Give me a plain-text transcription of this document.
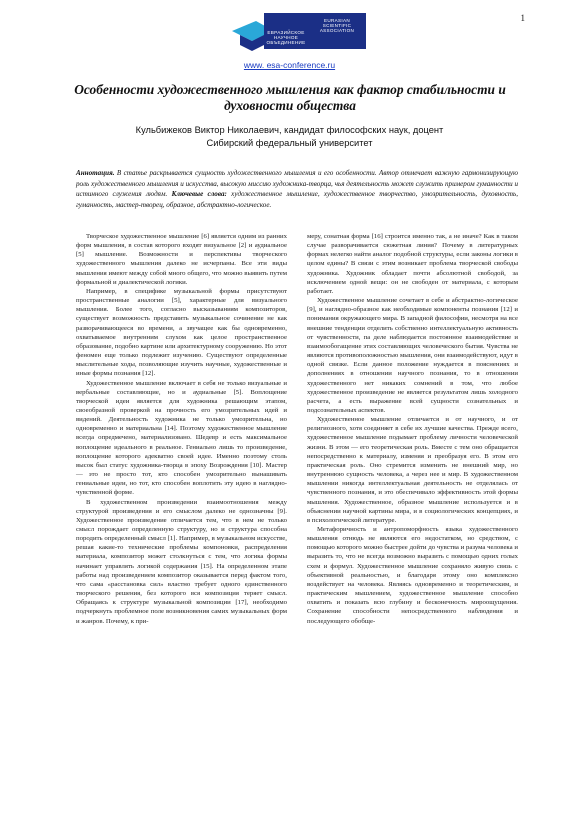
1
ЕВРАЗИЙСКОЕ НАУЧНОЕ ОБЪЕДИНЕНИЕ
EURASIAN SCIENTIFIC ASSOCIATION
www. esa-conference.ru
Особенности художественного мышления как фактор стабильности и духовности общества
Кульбижеков Виктор Николаевич, кандидат философских наук, доцент
Сибирский федеральный университет
Аннотация. В статье раскрывается сущность художественного мышления и его особенности. Автор отмечает важную гармонизирующую роль художественного мышления и искусства, высокую миссию художника-творца, чья деятельность может служить примером гуманности и истинного служения людям. Ключевые слова: художественное мышление, художественное творчество, умозрительность, духовность, гуманность, мастер-творец, образное, абстрактно-логическое.

Творческое художественное мышление [6] является одним из ранних форм мышления, в состав которого входят визуальное [2] и аудиальное [5] мышление. Возможности и перспективы творческого художественного мышления далеко не исчерпаны. Все эти виды мышления имеют между собой много общего, что можно выявить путем формальной и диалектической логики.

Например, в специфике музыкальной формы присутствуют пространственные аналогии [5], характерные для визуального мышления. Более того, согласно высказываниям композиторов, существует возможность представить музыкальное сочинение не как разворачивающееся во времени, а звучащее как бы одновременно, охватываемое внутренним слухом как целое пространственное образование, подобно картине или архитектурному сооружению. Но этот феномен еще только подлежит изучению. Существуют определенные мыслительные ходы, позволяющие изучить научные, художественные и иные формы познания [12].

Художественное мышление включает в себя не только визуальные и вербальные составляющие, но и аудиальные [5]. Воплощение творческой идеи является для художника решающим этапом, своеобразной проверкой на прочность его умозрительных идей и видений. Деятельность художника не только умозрительна, но одновременно и материальна [14]. Поэтому художественное мышление всегда опредмечено, материализовано. Шедевр и есть максимальное воплощение идеального в реальное. Гениально лишь то произведение, воплощение которого адекватно своей идее. Именно поэтому столь высок был статус художника-творца в эпоху Возрождения [10]. Мастер — это не просто тот, кто способен умозрительно вынашивать гениальные идеи, но тот, кто способен воплотить эту идею в наглядно-чувственной форме.

В художественном произведении взаимоотношения между структурой произведения и его смыслом далеко не однозначны [9]. Художественное произведение отличается тем, что в нем не только смысл порождает определенную структуру, но и структура способна породить определенный смысл [1]. Например, в музыкальном искусстве, решая какие-то технические проблемы компоновки, распределения материала, композитор может столкнуться с тем, что логика формы начинает управлять логикой содержания [15]. На определенном этапе работы над произведением композитор оказывается перед фактом того, что сама «расстановка сил» властно требует одного единственного творческого решения, без которого вся композиция теряет смысл. Обращаясь к структуре музыкальной композиции [17], необходимо подчеркнуть проблемное поле возникновения самих музыкальных форм и жанров. Почему, к при-

меру, сонатная форма [16] строится именно так, а не иначе? Как в таком случае разворачивается сюжетная линия? Почему в литературных формах нелегко найти аналог подобной структуры, если законы логики в целом едины? В связи с этим возникает проблема творческой свободы художника. Художник обладает почти абсолютной свободой, за исключением одной вещи: он не свободен от материала, с которым работает.

Художественное мышление сочетает в себе и абстрактно-логическое [9], и наглядно-образное как необходимые компоненты познания [12] и понимания окружающего мира. В западной философии, несмотря на все внешние тенденции отделить собственно интеллектуальную активность от чувственности, па деле наблюдается постоянное взаимодействие и взаимообогащение этих составляющих человеческого бытия. Чувства не являются противоположностью мышления, они взаимодействуют, идут в одной связке. Если данное положение нуждается в пояснениях и дополнениях в отношении научного познания, то в отношении художественного нет никаких сомнений в том, что любое художественное произведение не является результатом лишь холодного расчета, а есть выражение всей сущности сознательных и подсознательных аспектов.

Художественное мышление отличается и от научного, и от религиозного, хотя соединяет в себе их лучшие качества. Прежде всего, художественное мышление подымает проблему личности человеческой жизни. В этом — его теоретическая роль. Вместе с тем оно обращается непосредственно к материалу, изменяя и преобразуя его. В этом его практическая роль. Оно стремится изменить не внешний мир, но внутреннюю сущность человека, а через нее и мир. В художественном мышлении никогда интеллектуальная деятельность не отделялась от чувственного познания, и это обеспечивало эффективность этой формы мышления. Художественное, образное мышление используется и в объяснении научной картины мира, и в социологических концепциях, и в психологической литературе.

Метафоричность и антропоморфность языка художественного мышления отнюдь не являются его недостатком, но средством, с помощью которого можно быстрее дойти до чувства и разума человека и выразить то, что не всегда возможно выразить с помощью одних голых схем и формул. Художественное мышление сохраняло живую связь с объективной реальностью, и благодаря этому оно комплексно воздействует на человека. Являясь одновременно и теоретическим, и практическим мышлением, художественное мышление способно охватить и показать всю глубину и бесконечность мироощущения. Сохранение способности непосредственного наблюдения и последующего обобще-
